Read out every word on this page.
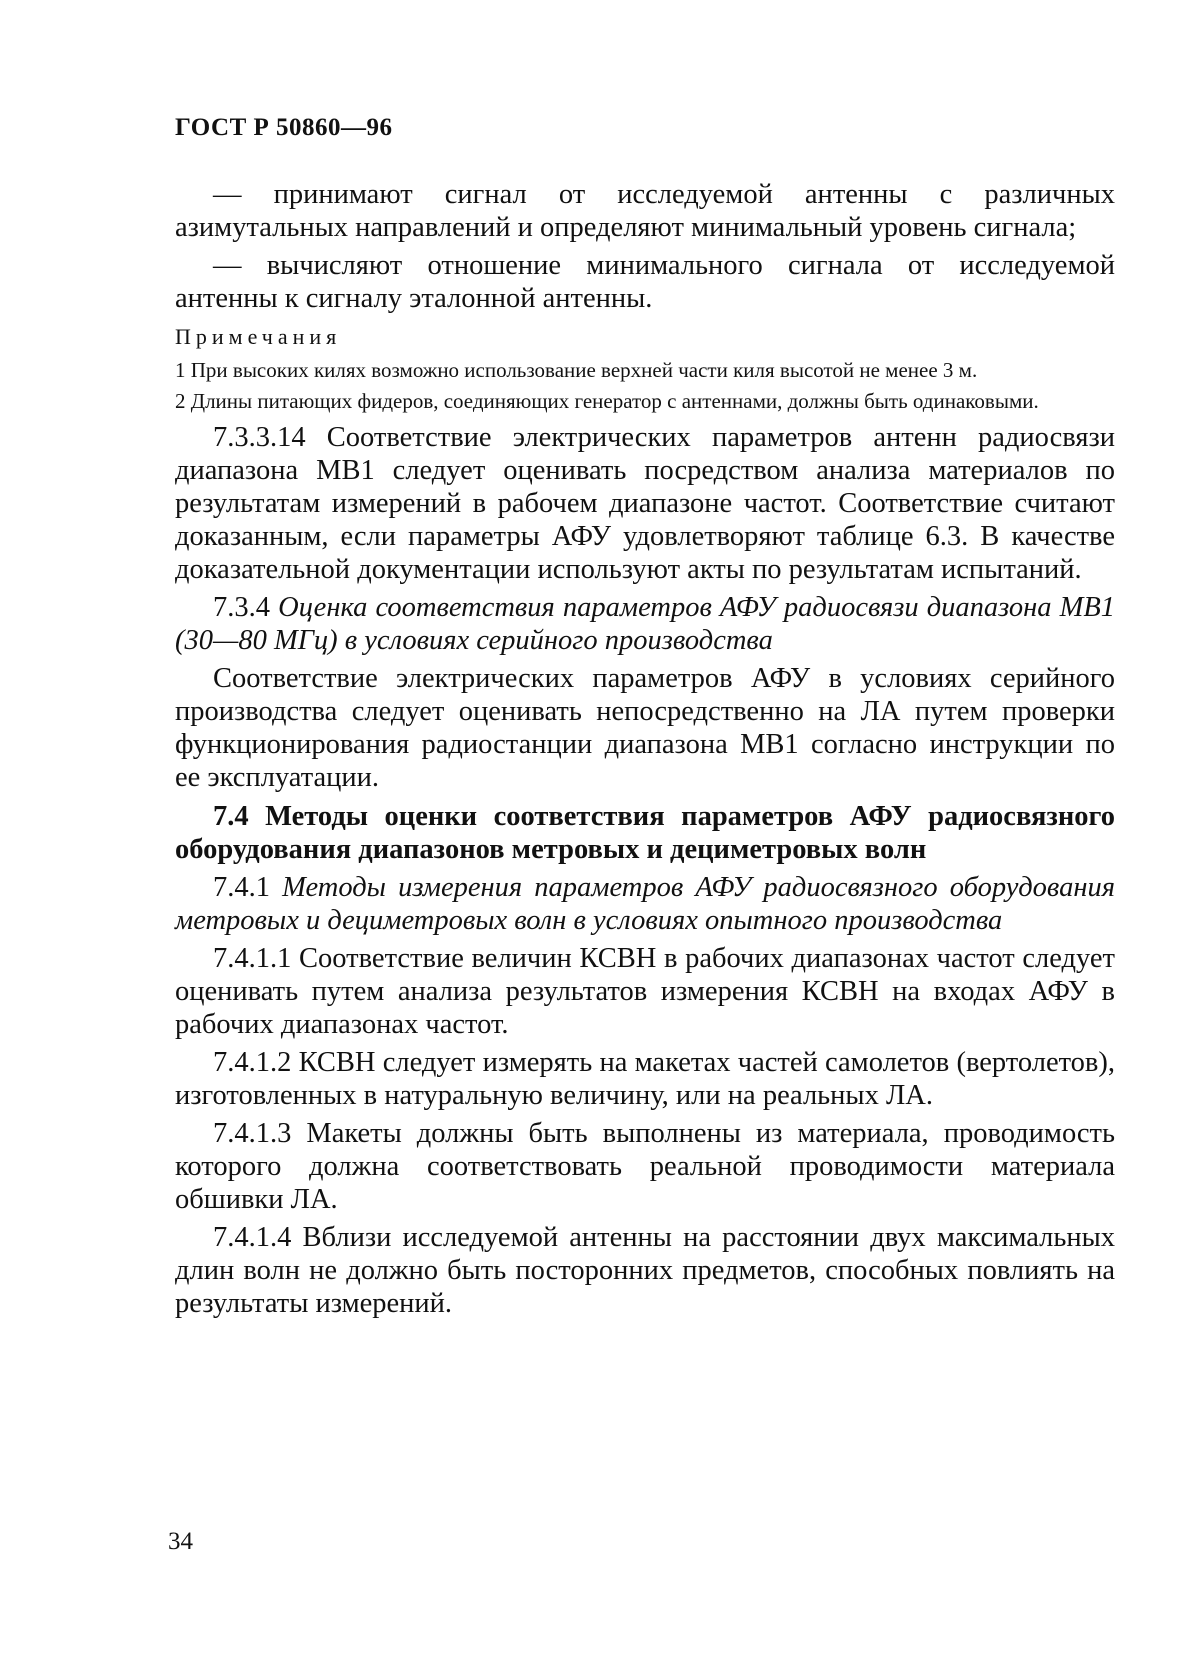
ГОСТ Р 50860—96

— принимают сигнал от исследуемой антенны с различных азимутальных направлений и определяют минимальный уровень сигнала;

— вычисляют отношение минимального сигнала от исследуемой антенны к сигналу эталонной антенны.

Примечания

1 При высоких килях возможно использование верхней части киля высотой не менее 3 м.

2 Длины питающих фидеров, соединяющих генератор с антеннами, должны быть одинаковыми.

7.3.3.14 Соответствие электрических параметров антенн радиосвязи диапазона МВ1 следует оценивать посредством анализа материалов по результатам измерений в рабочем диапазоне частот. Соответствие считают доказанным, если параметры АФУ удовлетворяют таблице 6.3. В качестве доказательной документации используют акты по результатам испытаний.

7.3.4 Оценка соответствия параметров АФУ радиосвязи диапазона МВ1 (30—80 МГц) в условиях серийного производства

Соответствие электрических параметров АФУ в условиях серийного производства следует оценивать непосредственно на ЛА путем проверки функционирования радиостанции диапазона МВ1 согласно инструкции по ее эксплуатации.

7.4 Методы оценки соответствия параметров АФУ радиосвязного оборудования диапазонов метровых и дециметровых волн

7.4.1 Методы измерения параметров АФУ радиосвязного оборудования метровых и дециметровых волн в условиях опытного производства

7.4.1.1 Соответствие величин КСВН в рабочих диапазонах частот следует оценивать путем анализа результатов измерения КСВН на входах АФУ в рабочих диапазонах частот.

7.4.1.2 КСВН следует измерять на макетах частей самолетов (вертолетов), изготовленных в натуральную величину, или на реальных ЛА.

7.4.1.3 Макеты должны быть выполнены из материала, проводимость которого должна соответствовать реальной проводимости материала обшивки ЛА.

7.4.1.4 Вблизи исследуемой антенны на расстоянии двух максимальных длин волн не должно быть посторонних предметов, способных повлиять на результаты измерений.

34
